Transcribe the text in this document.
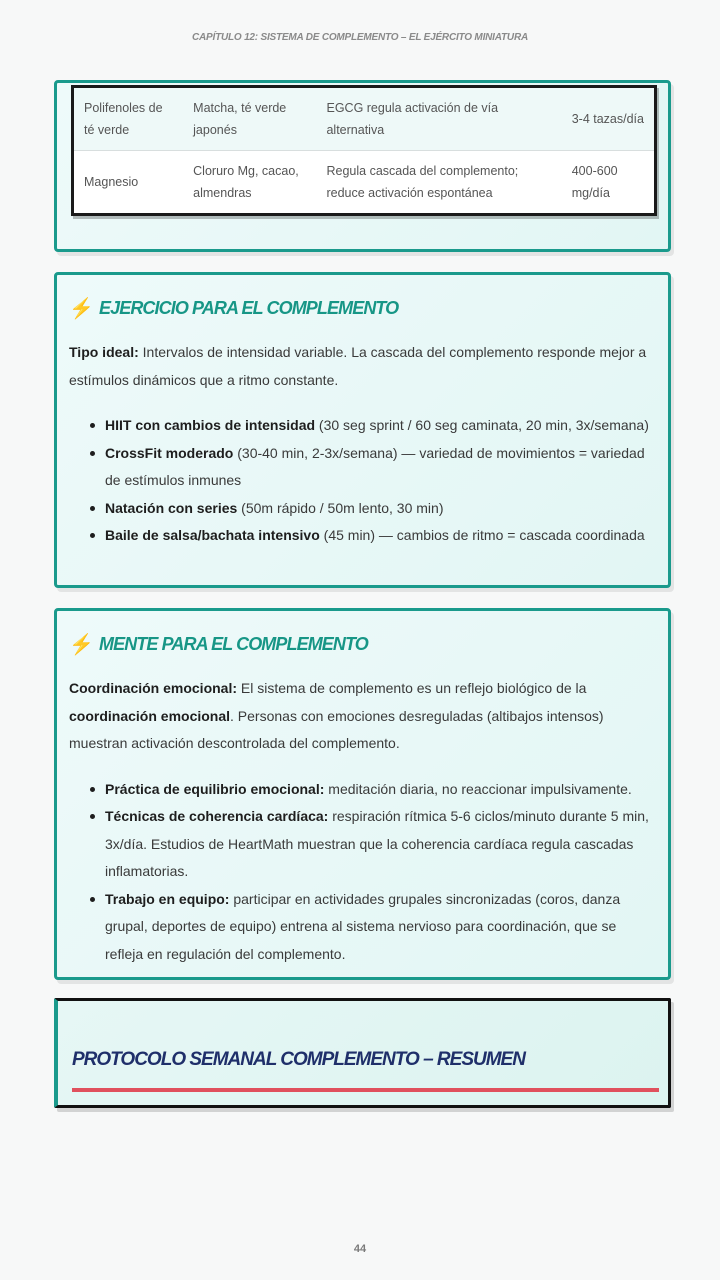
CAPÍTULO 12: SISTEMA DE COMPLEMENTO – EL EJÉRCITO MINIATURA
Polifenoles de té verde	Matcha, té verde japonés	EGCG regula activación de vía alternativa	3-4 tazas/día
Magnesio	Cloruro Mg, cacao, almendras	Regula cascada del complemento; reduce activación espontánea	400-600 mg/día
⚡ EJERCICIO PARA EL COMPLEMENTO

Tipo ideal: Intervalos de intensidad variable. La cascada del complemento responde mejor a estímulos dinámicos que a ritmo constante.

HIIT con cambios de intensidad (30 seg sprint / 60 seg caminata, 20 min, 3x/semana)
CrossFit moderado (30-40 min, 2-3x/semana) — variedad de movimientos = variedad de estímulos inmunes
Natación con series (50m rápido / 50m lento, 30 min)
Baile de salsa/bachata intensivo (45 min) — cambios de ritmo = cascada coordinada
⚡ MENTE PARA EL COMPLEMENTO

Coordinación emocional: El sistema de complemento es un reflejo biológico de la coordinación emocional. Personas con emociones desreguladas (altibajos intensos) muestran activación descontrolada del complemento.

Práctica de equilibrio emocional: meditación diaria, no reaccionar impulsivamente.
Técnicas de coherencia cardíaca: respiración rítmica 5-6 ciclos/minuto durante 5 min, 3x/día. Estudios de HeartMath muestran que la coherencia cardíaca regula cascadas inflamatorias.
Trabajo en equipo: participar en actividades grupales sincronizadas (coros, danza grupal, deportes de equipo) entrena al sistema nervioso para coordinación, que se refleja en regulación del complemento.
PROTOCOLO SEMANAL COMPLEMENTO – RESUMEN
44
